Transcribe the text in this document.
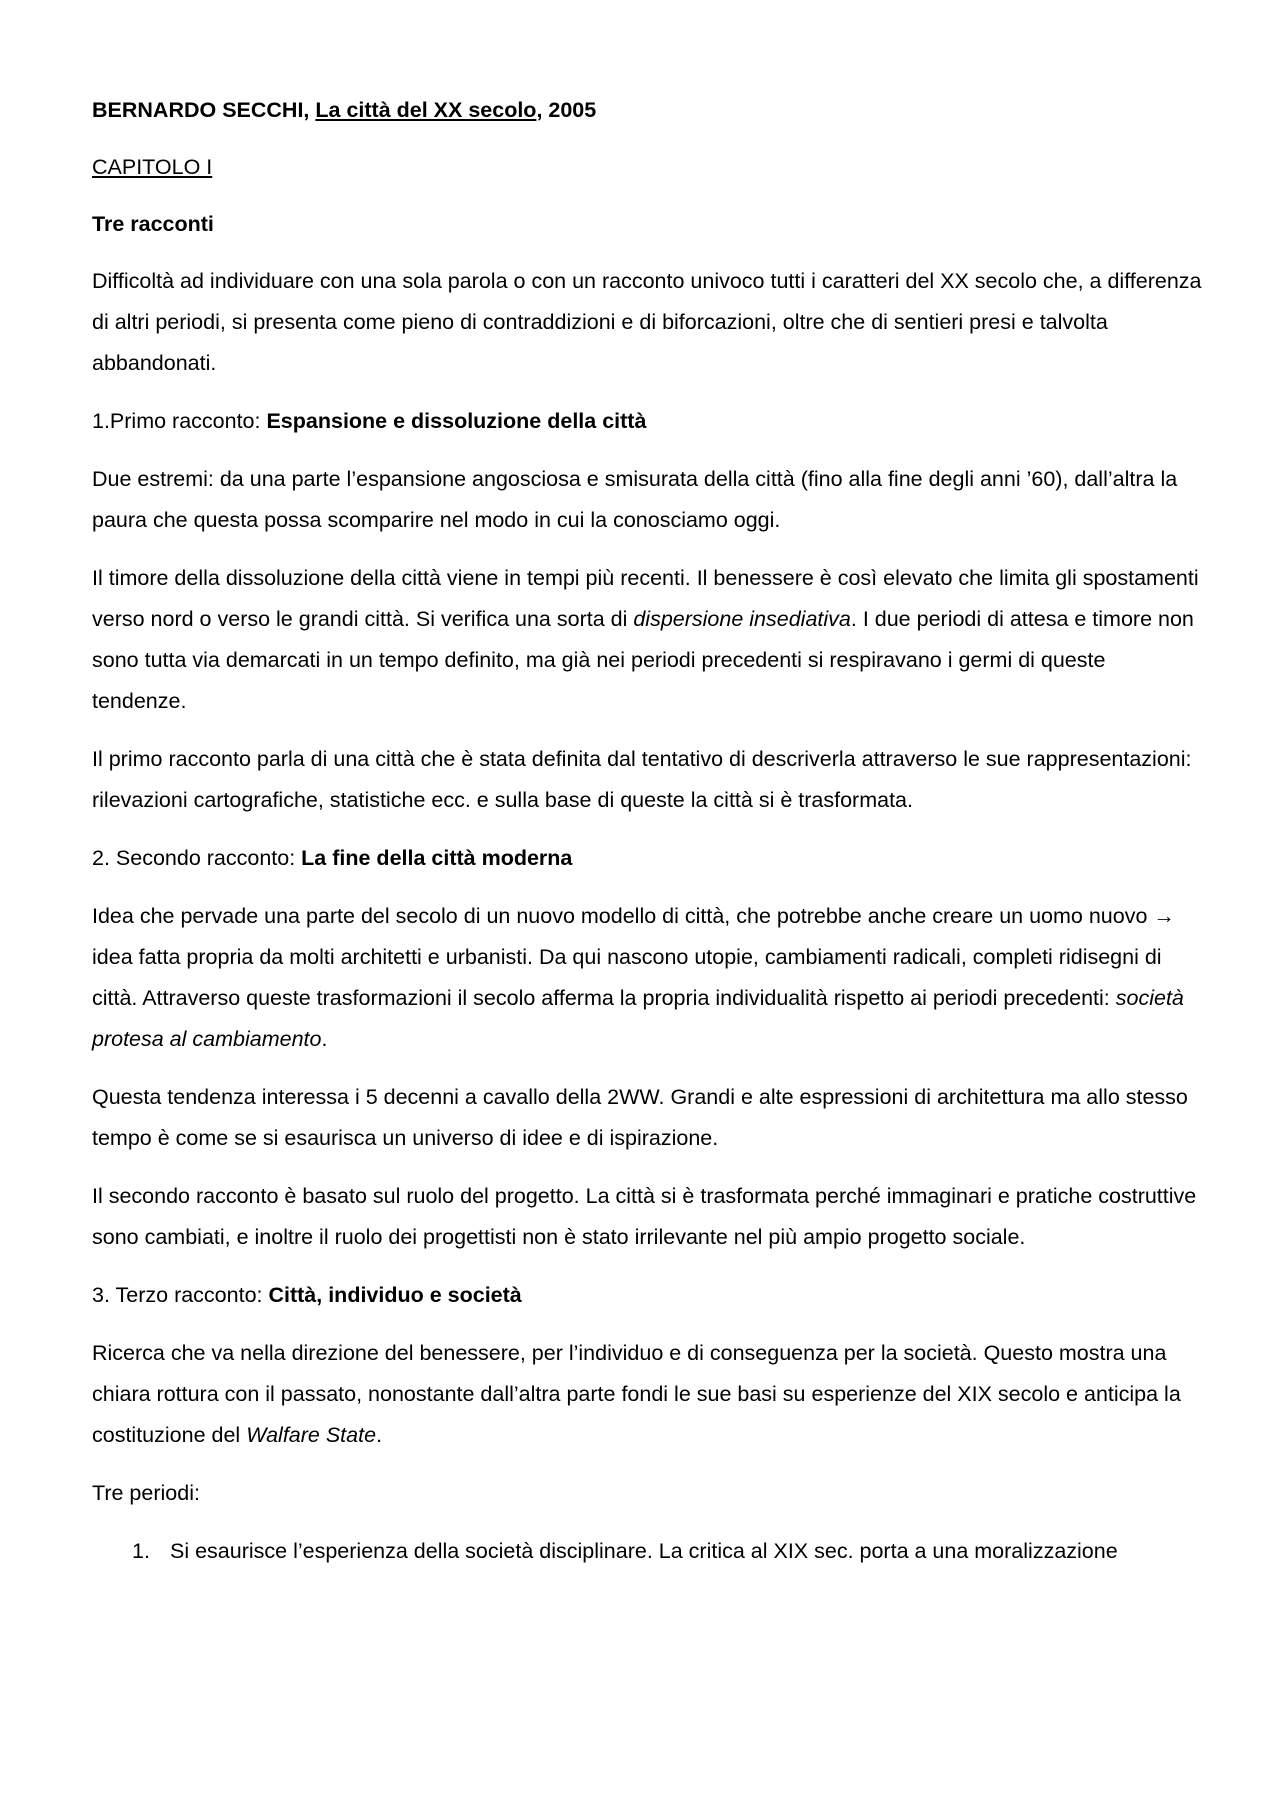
BERNARDO SECCHI, La città del XX secolo, 2005

CAPITOLO I

Tre racconti

Difficoltà ad individuare con una sola parola o con un racconto univoco tutti i caratteri del XX secolo che, a differenza di altri periodi, si presenta come pieno di contraddizioni e di biforcazioni, oltre che di sentieri presi e talvolta abbandonati.

1.Primo racconto: Espansione e dissoluzione della città

Due estremi: da una parte l’espansione angosciosa e smisurata della città (fino alla fine degli anni ’60), dall’altra la paura che questa possa scomparire nel modo in cui la conosciamo oggi.

Il timore della dissoluzione della città viene in tempi più recenti. Il benessere è così elevato che limita gli spostamenti verso nord o verso le grandi città. Si verifica una sorta di dispersione insediativa. I due periodi di attesa e timore non sono tutta via demarcati in un tempo definito, ma già nei periodi precedenti si respiravano i germi di queste tendenze.

Il primo racconto parla di una città che è stata definita dal tentativo di descriverla attraverso le sue rappresentazioni: rilevazioni cartografiche, statistiche ecc. e sulla base di queste la città si è trasformata.

2. Secondo racconto: La fine della città moderna

Idea che pervade una parte del secolo di un nuovo modello di città, che potrebbe anche creare un uomo nuovo → idea fatta propria da molti architetti e urbanisti. Da qui nascono utopie, cambiamenti radicali, completi ridisegni di città. Attraverso queste trasformazioni il secolo afferma la propria individualità rispetto ai periodi precedenti: società protesa al cambiamento.

Questa tendenza interessa i 5 decenni a cavallo della 2WW. Grandi e alte espressioni di architettura ma allo stesso tempo è come se si esaurisca un universo di idee e di ispirazione.

Il secondo racconto è basato sul ruolo del progetto. La città si è trasformata perché immaginari e pratiche costruttive sono cambiati, e inoltre il ruolo dei progettisti non è stato irrilevante nel più ampio progetto sociale.

3. Terzo racconto: Città, individuo e società

Ricerca che va nella direzione del benessere, per l’individuo e di conseguenza per la società. Questo mostra una chiara rottura con il passato, nonostante dall’altra parte fondi le sue basi su esperienze del XIX secolo e anticipa la costituzione del Walfare State.

Tre periodi:

1. Si esaurisce l’esperienza della società disciplinare. La critica al XIX sec. porta a una moralizzazione
